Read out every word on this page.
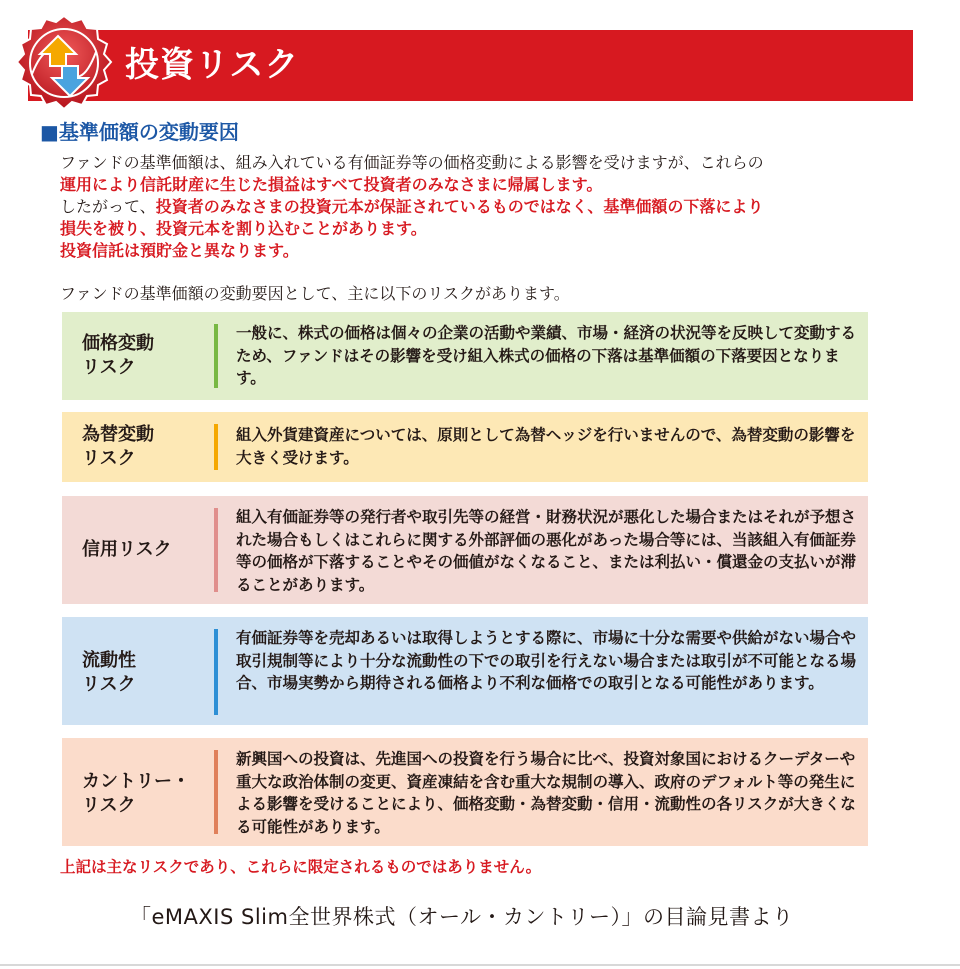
投資リスク
■基準価額の変動要因
ファンドの基準価額は、組み入れている有価証券等の価格変動による影響を受けますが、これらの
運用により信託財産に生じた損益はすべて投資者のみなさまに帰属します。
したがって、投資者のみなさまの投資元本が保証されているものではなく、基準価額の下落により
損失を被り、投資元本を割り込むことがあります。
投資信託は預貯金と異なります。
ファンドの基準価額の変動要因として、主に以下のリスクがあります。
価格変動
リスク
一般に、株式の価格は個々の企業の活動や業績、市場・経済の状況等を反映して変動するため、ファンドはその影響を受け組入株式の価格の下落は基準価額の下落要因となります。
為替変動
リスク
組入外貨建資産については、原則として為替ヘッジを行いませんので、為替変動の影響を大きく受けます。
信用リスク
組入有価証券等の発行者や取引先等の経営・財務状況が悪化した場合またはそれが予想された場合もしくはこれらに関する外部評価の悪化があった場合等には、当該組入有価証券等の価格が下落することやその価値がなくなること、または利払い・償還金の支払いが滞ることがあります。
流動性
リスク
有価証券等を売却あるいは取得しようとする際に、市場に十分な需要や供給がない場合や取引規制等により十分な流動性の下での取引を行えない場合または取引が不可能となる場合、市場実勢から期待される価格より不利な価格での取引となる可能性があります。
カントリー・
リスク
新興国への投資は、先進国への投資を行う場合に比べ、投資対象国におけるクーデターや重大な政治体制の変更、資産凍結を含む重大な規制の導入、政府のデフォルト等の発生による影響を受けることにより、価格変動・為替変動・信用・流動性の各リスクが大きくなる可能性があります。
上記は主なリスクであり、これらに限定されるものではありません。
「eMAXIS Slim全世界株式（オール・カントリー）」の目論見書より
